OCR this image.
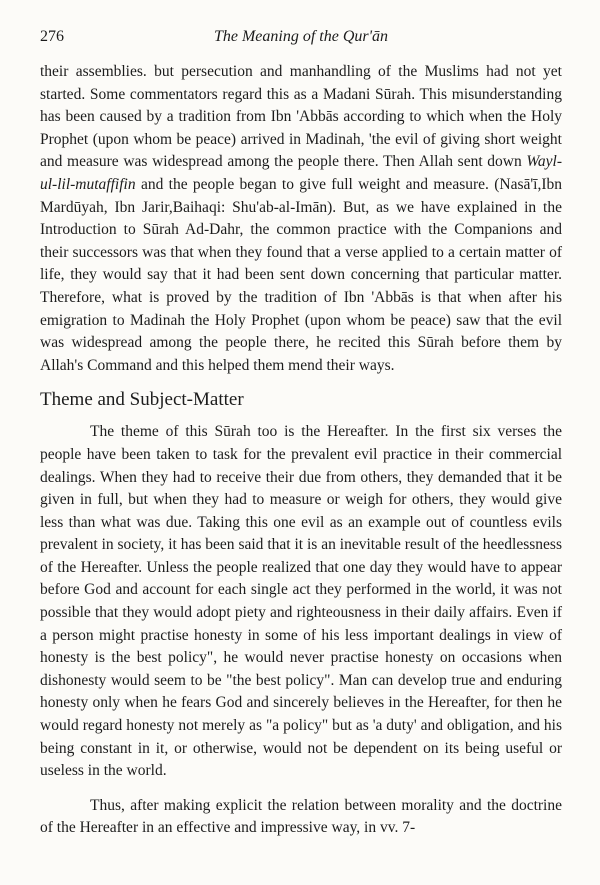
276	The Meaning of the Qur'ān

their assemblies. but persecution and manhandling of the Muslims had not yet started. Some commentators regard this as a Madani Sūrah. This misunderstanding has been caused by a tradition from Ibn 'Abbās according to which when the Holy Prophet (upon whom be peace) arrived in Madinah, 'the evil of giving short weight and measure was widespread among the people there. Then Allah sent down Wayl-ul-lil-mutaffifin and the people began to give full weight and measure. (Nasā'ī,Ibn Mardūyah, Ibn Jarir,Baihaqi: Shu'ab-al-Imān). But, as we have explained in the Introduction to Sūrah Ad-Dahr, the common practice with the Companions and their successors was that when they found that a verse applied to a certain matter of life, they would say that it had been sent down concerning that particular matter. Therefore, what is proved by the tradition of Ibn 'Abbās is that when after his emigration to Madinah the Holy Prophet (upon whom be peace) saw that the evil was widespread among the people there, he recited this Sūrah before them by Allah's Command and this helped them mend their ways.

Theme and Subject-Matter

The theme of this Sūrah too is the Hereafter. In the first six verses the people have been taken to task for the prevalent evil practice in their commercial dealings. When they had to receive their due from others, they demanded that it be given in full, but when they had to measure or weigh for others, they would give less than what was due. Taking this one evil as an example out of countless evils prevalent in society, it has been said that it is an inevitable result of the heedlessness of the Hereafter. Unless the people realized that one day they would have to appear before God and account for each single act they performed in the world, it was not possible that they would adopt piety and righteousness in their daily affairs. Even if a person might practise honesty in some of his less important dealings in view of honesty is the best policy", he would never practise honesty on occasions when dishonesty would seem to be "the best policy". Man can develop true and enduring honesty only when he fears God and sincerely believes in the Hereafter, for then he would regard honesty not merely as "a policy" but as 'a duty' and obligation, and his being constant in it, or otherwise, would not be dependent on its being useful or useless in the world.

Thus, after making explicit the relation between morality and the doctrine of the Hereafter in an effective and impressive way, in vv. 7-
